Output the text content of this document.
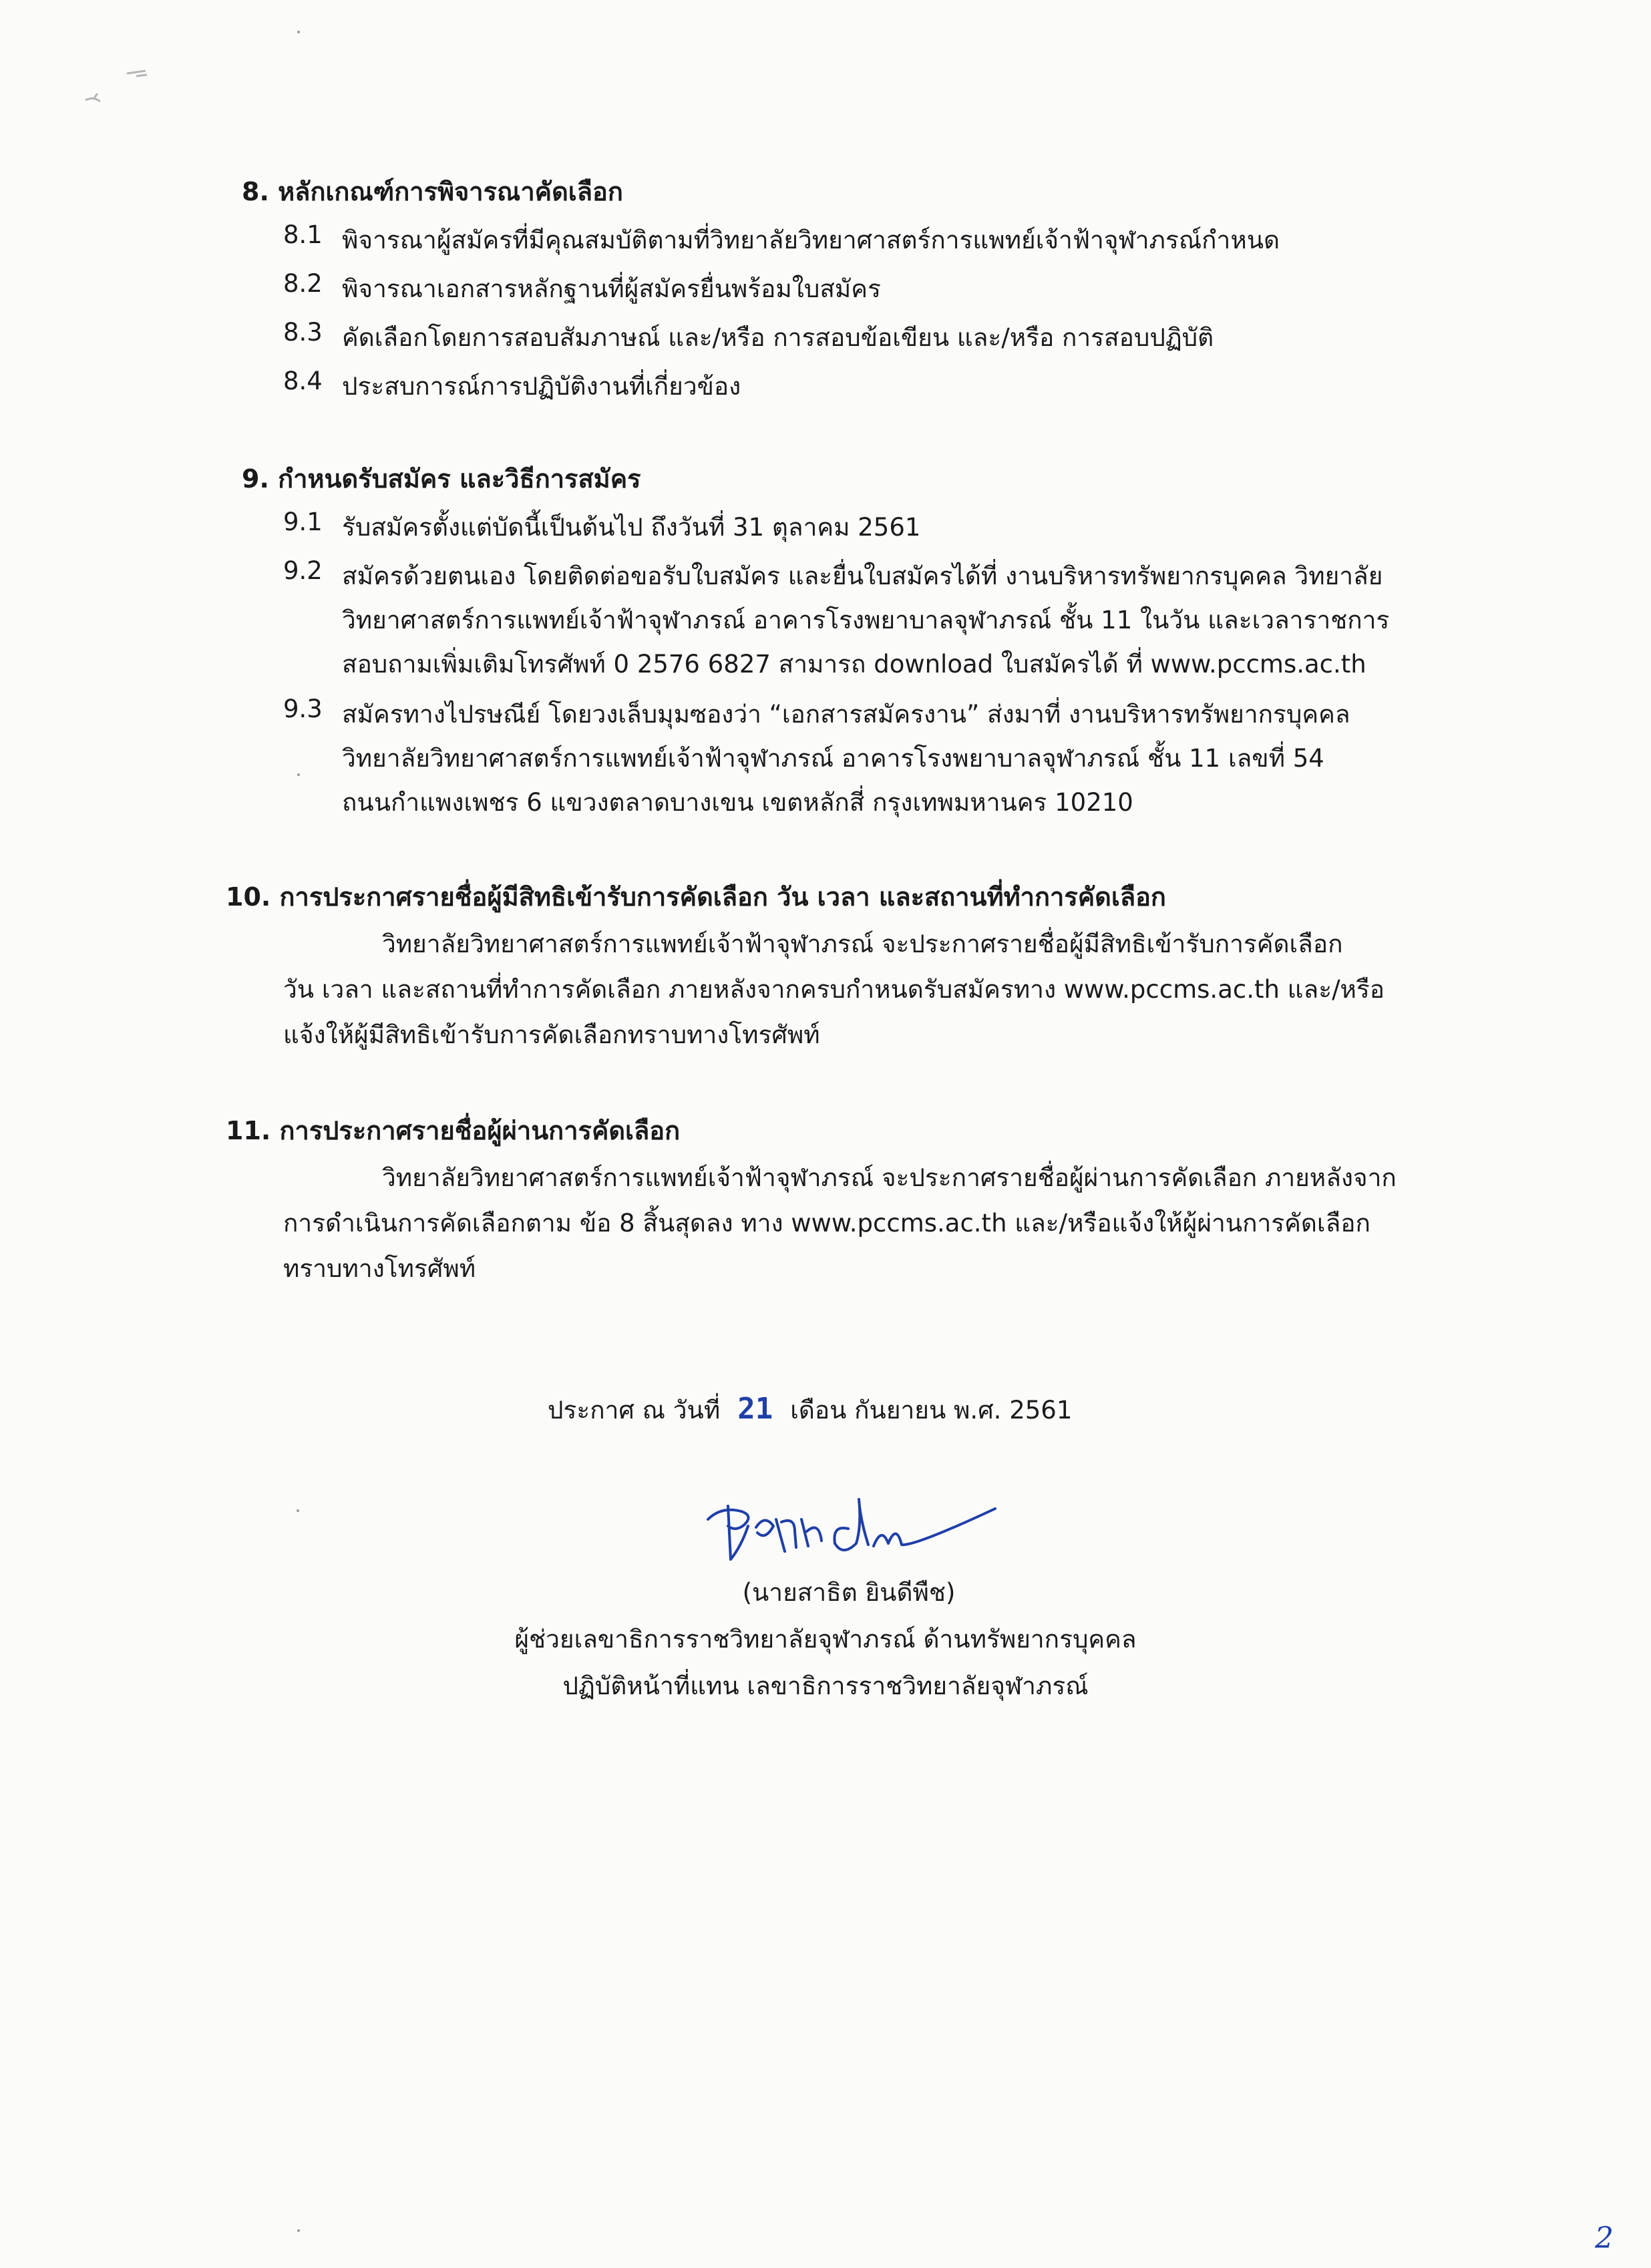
8. หลักเกณฑ์การพิจารณาคัดเลือก
8.1 พิจารณาผู้สมัครที่มีคุณสมบัติตามที่วิทยาลัยวิทยาศาสตร์การแพทย์เจ้าฟ้าจุฬาภรณ์กำหนด
8.2 พิจารณาเอกสารหลักฐานที่ผู้สมัครยื่นพร้อมใบสมัคร
8.3 คัดเลือกโดยการสอบสัมภาษณ์ และ/หรือ การสอบข้อเขียน และ/หรือ การสอบปฏิบัติ
8.4 ประสบการณ์การปฏิบัติงานที่เกี่ยวข้อง
9. กำหนดรับสมัคร และวิธีการสมัคร
9.1 รับสมัครตั้งแต่บัดนี้เป็นต้นไป ถึงวันที่ 31 ตุลาคม 2561
9.2 สมัครด้วยตนเอง โดยติดต่อขอรับใบสมัคร และยื่นใบสมัครได้ที่ งานบริหารทรัพยากรบุคคล วิทยาลัย
วิทยาศาสตร์การแพทย์เจ้าฟ้าจุฬาภรณ์ อาคารโรงพยาบาลจุฬาภรณ์ ชั้น 11 ในวัน และเวลาราชการ
สอบถามเพิ่มเติมโทรศัพท์ 0 2576 6827 สามารถ download ใบสมัครได้ ที่ www.pccms.ac.th
9.3 สมัครทางไปรษณีย์ โดยวงเล็บมุมซองว่า “เอกสารสมัครงาน” ส่งมาที่ งานบริหารทรัพยากรบุคคล
วิทยาลัยวิทยาศาสตร์การแพทย์เจ้าฟ้าจุฬาภรณ์ อาคารโรงพยาบาลจุฬาภรณ์ ชั้น 11 เลขที่ 54
ถนนกำแพงเพชร 6 แขวงตลาดบางเขน เขตหลักสี่ กรุงเทพมหานคร 10210
10. การประกาศรายชื่อผู้มีสิทธิเข้ารับการคัดเลือก วัน เวลา และสถานที่ทำการคัดเลือก
วิทยาลัยวิทยาศาสตร์การแพทย์เจ้าฟ้าจุฬาภรณ์ จะประกาศรายชื่อผู้มีสิทธิเข้ารับการคัดเลือก
วัน เวลา และสถานที่ทำการคัดเลือก ภายหลังจากครบกำหนดรับสมัครทาง www.pccms.ac.th และ/หรือ
แจ้งให้ผู้มีสิทธิเข้ารับการคัดเลือกทราบทางโทรศัพท์
11. การประกาศรายชื่อผู้ผ่านการคัดเลือก
วิทยาลัยวิทยาศาสตร์การแพทย์เจ้าฟ้าจุฬาภรณ์ จะประกาศรายชื่อผู้ผ่านการคัดเลือก ภายหลังจาก
การดำเนินการคัดเลือกตาม ข้อ 8 สิ้นสุดลง ทาง www.pccms.ac.th และ/หรือแจ้งให้ผู้ผ่านการคัดเลือก
ทราบทางโทรศัพท์
ประกาศ ณ วันที่ 21 เดือน กันยายน พ.ศ. 2561
(นายสาธิต ยินดีพืช)
ผู้ช่วยเลขาธิการราชวิทยาลัยจุฬาภรณ์ ด้านทรัพยากรบุคคล
ปฏิบัติหน้าที่แทน เลขาธิการราชวิทยาลัยจุฬาภรณ์
2
